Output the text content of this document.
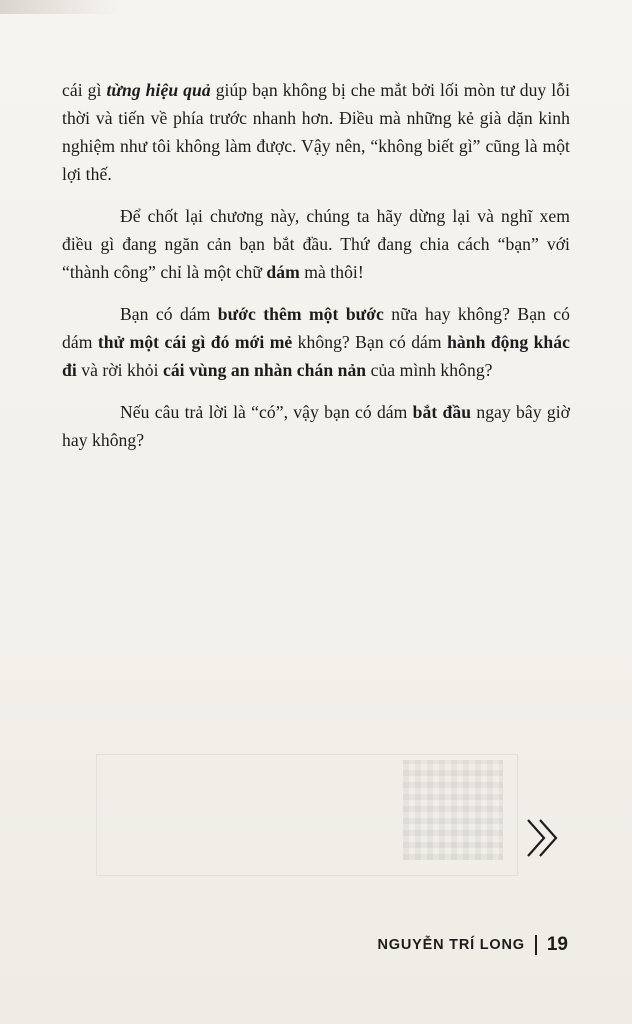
cái gì từng hiệu quả giúp bạn không bị che mắt bởi lối mòn tư duy lỗi thời và tiến về phía trước nhanh hơn. Điều mà những kẻ già dặn kinh nghiệm như tôi không làm được. Vậy nên, “không biết gì” cũng là một lợi thế.

Để chốt lại chương này, chúng ta hãy dừng lại và nghĩ xem điều gì đang ngăn cản bạn bắt đầu. Thứ đang chia cách “bạn” với “thành công” chỉ là một chữ dám mà thôi!

Bạn có dám bước thêm một bước nữa hay không? Bạn có dám thử một cái gì đó mới mẻ không? Bạn có dám hành động khác đi và rời khỏi cái vùng an nhàn chán nản của mình không?

Nếu câu trả lời là “có”, vậy bạn có dám bắt đầu ngay bây giờ hay không?

NGUYỄN TRÍ LONG 19
